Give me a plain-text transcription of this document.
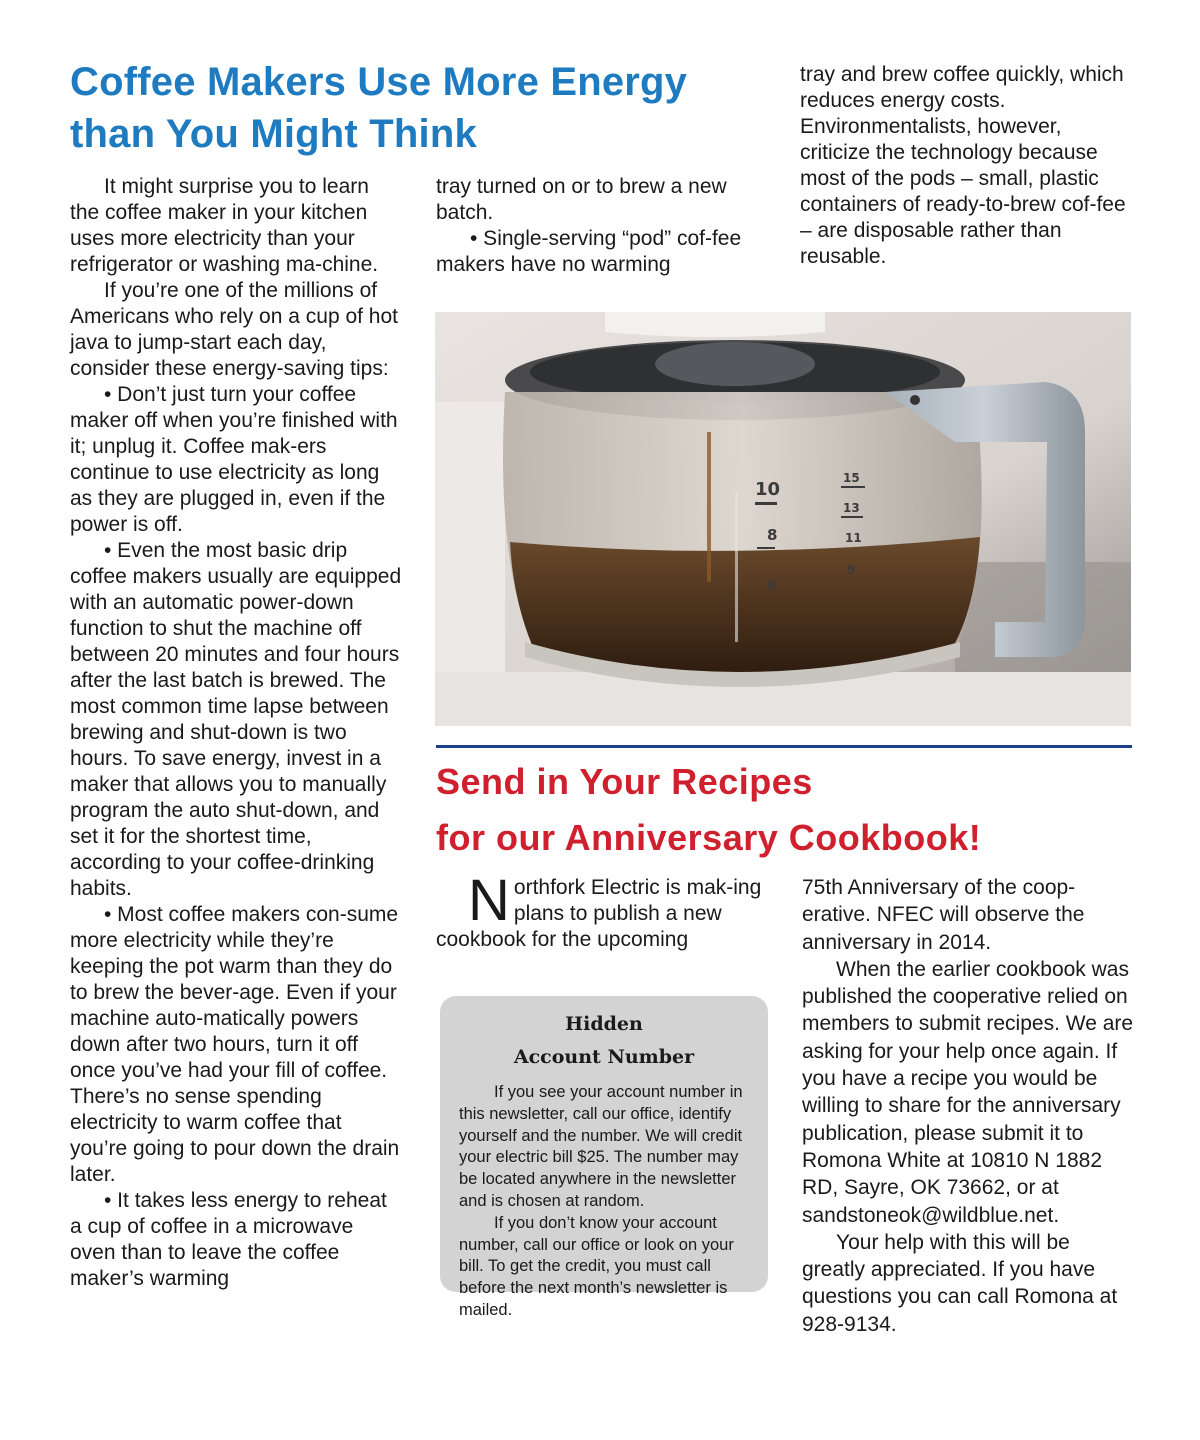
Coffee Makers Use More Energy
than You Might Think

It might surprise you to learn the coffee maker in your kitchen uses more electricity than your refrigerator or washing ma-chine.

If you’re one of the millions of Americans who rely on a cup of hot java to jump-start each day, consider these energy-saving tips:

• Don’t just turn your coffee maker off when you’re finished with it; unplug it. Coffee mak-ers continue to use electricity as long as they are plugged in, even if the power is off.

• Even the most basic drip coffee makers usually are equipped with an automatic power-down function to shut the machine off between 20 minutes and four hours after the last batch is brewed. The most common time lapse between brewing and shut-down is two hours. To save energy, invest in a maker that allows you to manually program the auto shut-down, and set it for the shortest time, according to your coffee-drinking habits.

• Most coffee makers con-sume more electricity while they’re keeping the pot warm than they do to brew the bever-age. Even if your machine auto-matically powers down after two hours, turn it off once you’ve had your fill of coffee. There’s no sense spending electricity to warm coffee that you’re going to pour down the drain later.

• It takes less energy to reheat a cup of coffee in a microwave oven than to leave the coffee maker’s warming

tray turned on or to brew a new batch.

• Single-serving “pod” cof-fee makers have no warming

tray and brew coffee quickly, which reduces energy costs. Environmentalists, however, criticize the technology because most of the pods – small, plastic containers of ready-to-brew cof-fee – are disposable rather than reusable.

10
8
6
15
13
11
9
Send in Your Recipes
for our Anniversary Cookbook!
Northfork Electric is mak-ing plans to publish a new cookbook for the upcoming
Hidden
Account Number

If you see your account number in this newsletter, call our office, identify yourself and the number. We will credit your electric bill $25. The number may be located anywhere in the newsletter and is chosen at random.

If you don’t know your account number, call our office or look on your bill. To get the credit, you must call before the next month’s newsletter is mailed.

75th Anniversary of the coop-erative. NFEC will observe the anniversary in 2014.

When the earlier cookbook was published the cooperative relied on members to submit recipes. We are asking for your help once again. If you have a recipe you would be willing to share for the anniversary publication, please submit it to Romona White at 10810 N 1882 RD, Sayre, OK 73662, or at sandstoneok@wildblue.net.

Your help with this will be greatly appreciated. If you have questions you can call Romona at 928-9134.
